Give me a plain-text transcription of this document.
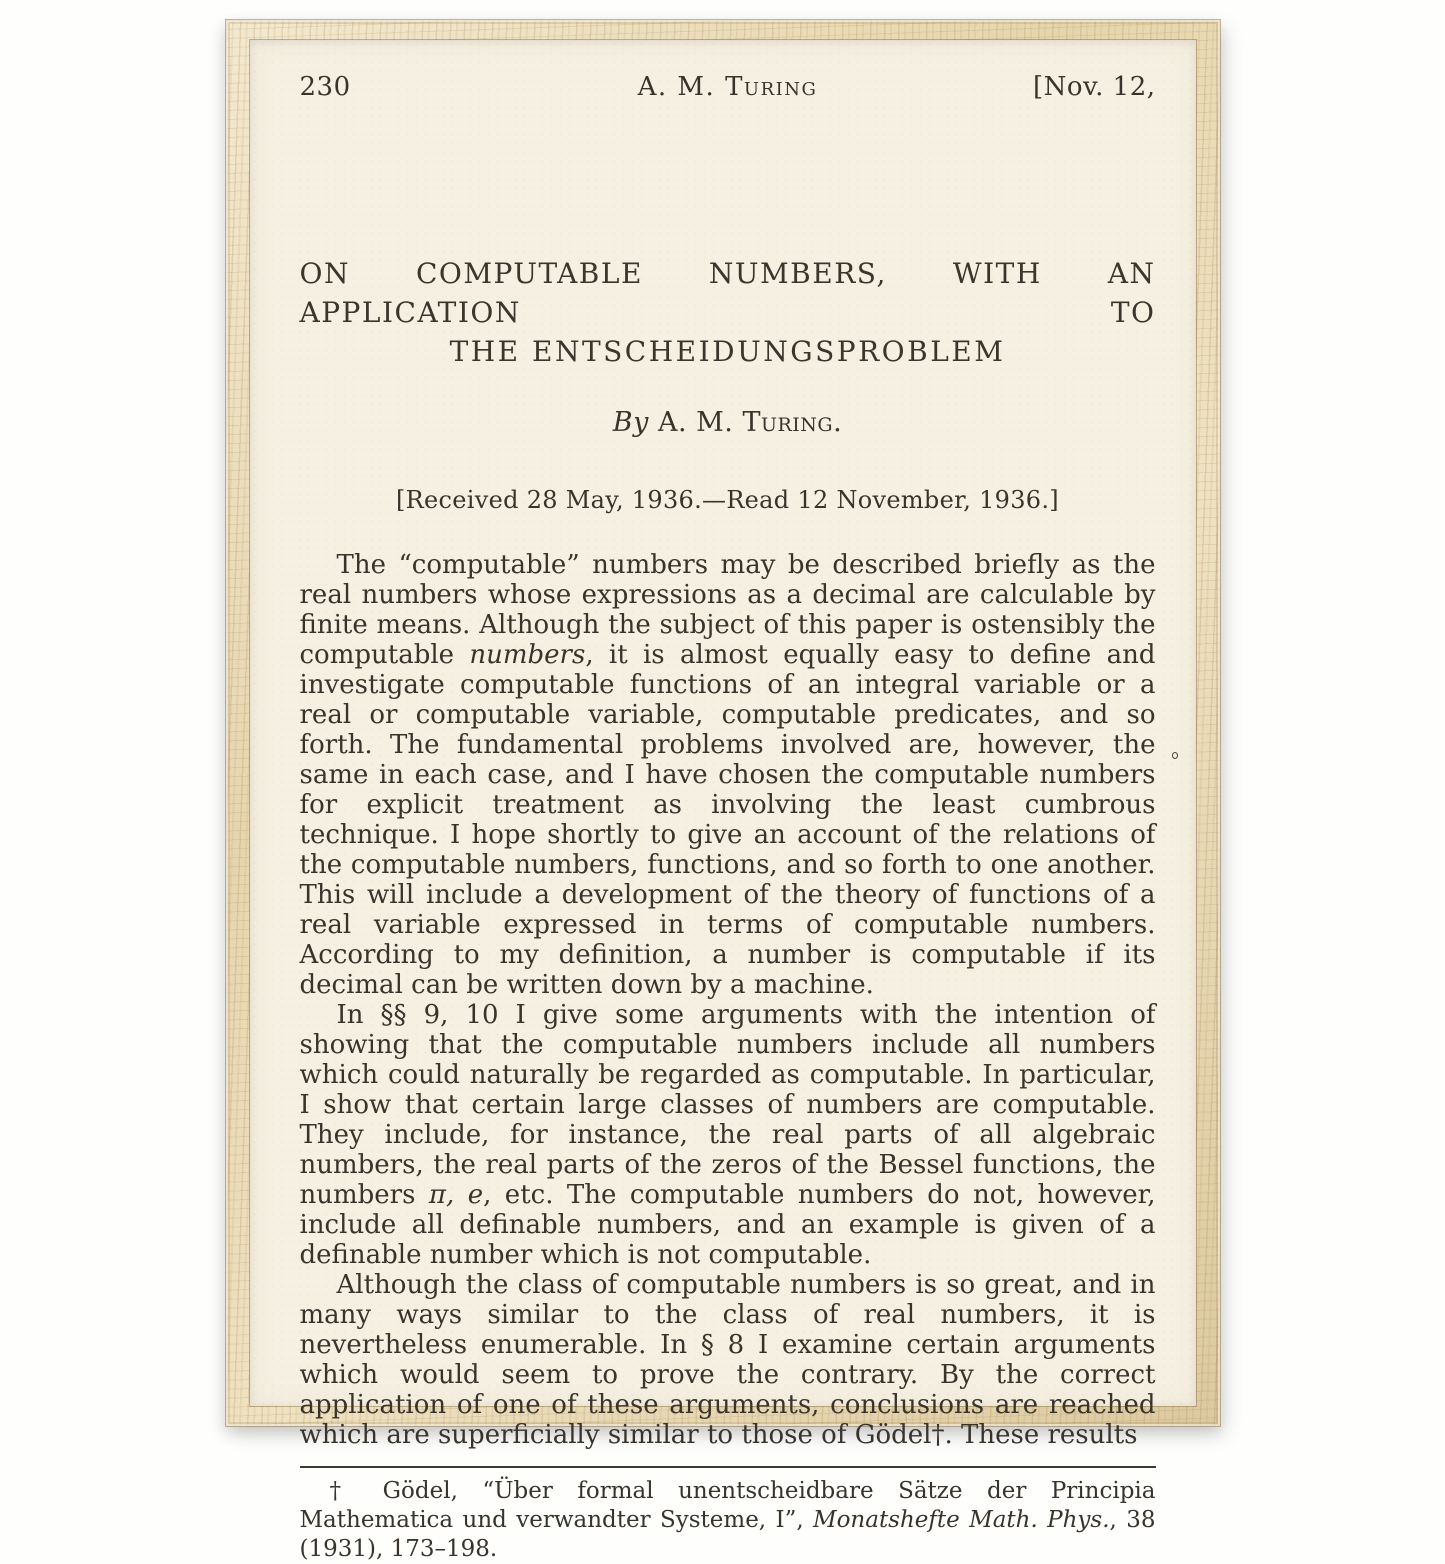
230	A. M. Turing	[Nov. 12,
ON COMPUTABLE NUMBERS, WITH AN APPLICATION TO
THE ENTSCHEIDUNGSPROBLEM
By A. M. Turing.
[Received 28 May, 1936.—Read 12 November, 1936.]

The “computable” numbers may be described briefly as the real numbers whose expressions as a decimal are calculable by finite means. Although the subject of this paper is ostensibly the computable numbers, it is almost equally easy to define and investigate computable functions of an integral variable or a real or computable variable, computable predicates, and so forth. The fundamental problems involved are, however, the same in each case, and I have chosen the computable numbers for explicit treatment as involving the least cumbrous technique. I hope shortly to give an account of the relations of the computable numbers, functions, and so forth to one another. This will include a development of the theory of functions of a real variable expressed in terms of computable numbers. According to my definition, a number is computable if its decimal can be written down by a machine.

In §§ 9, 10 I give some arguments with the intention of showing that the computable numbers include all numbers which could naturally be regarded as computable. In particular, I show that certain large classes of numbers are computable. They include, for instance, the real parts of all algebraic numbers, the real parts of the zeros of the Bessel functions, the numbers π, e, etc. The computable numbers do not, however, include all definable numbers, and an example is given of a definable number which is not computable.

Although the class of computable numbers is so great, and in many ways similar to the class of real numbers, it is nevertheless enumerable. In § 8 I examine certain arguments which would seem to prove the contrary. By the correct application of one of these arguments, conclusions are reached which are superficially similar to those of Gödel†. These results

† Gödel, “Über formal unentscheidbare Sätze der Principia Mathematica und verwandter Systeme, I”, Monatshefte Math. Phys., 38 (1931), 173–198.
